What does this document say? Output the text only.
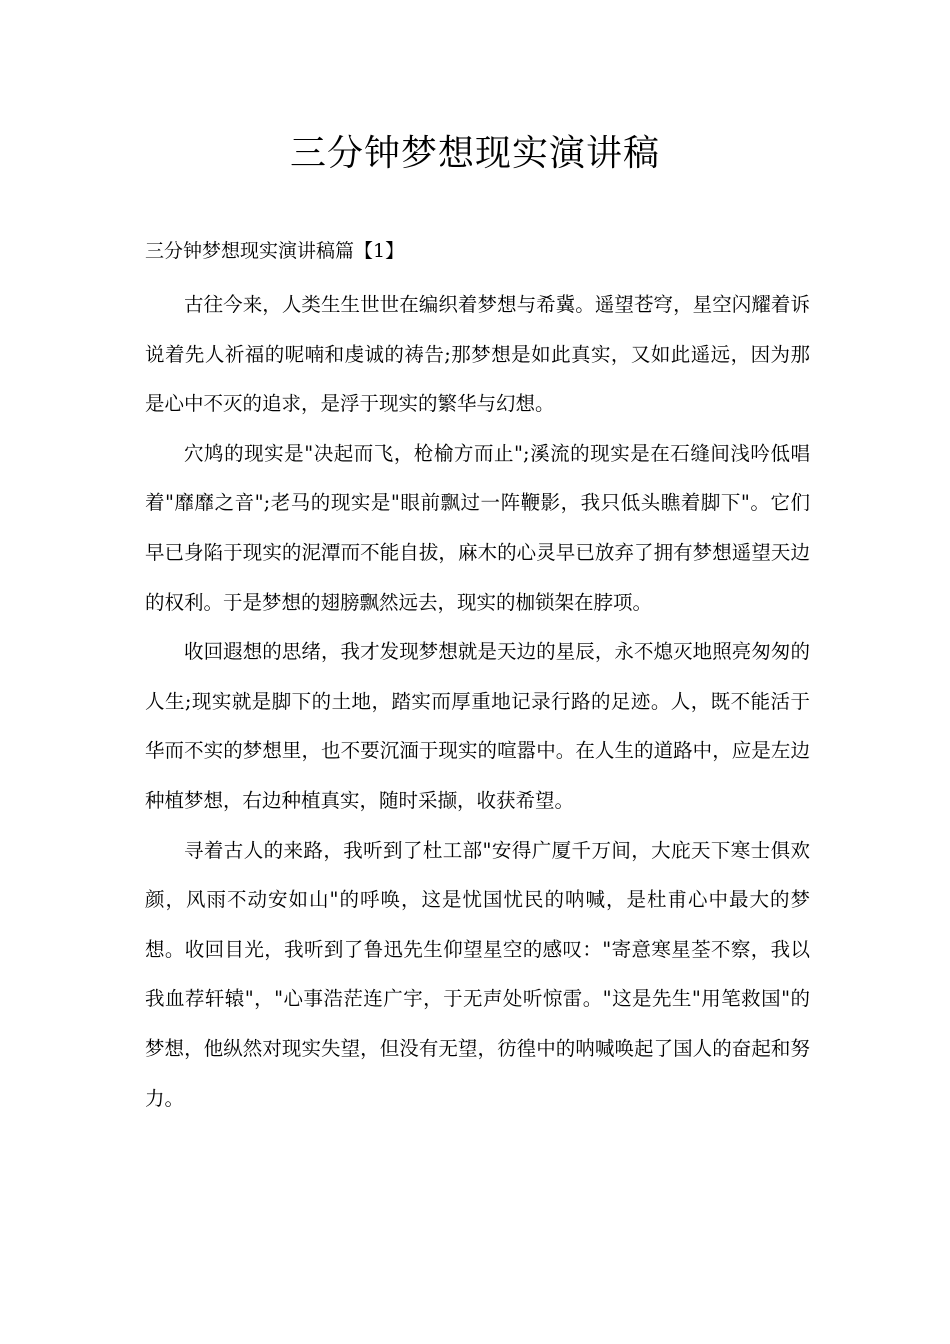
三分钟梦想现实演讲稿
三分钟梦想现实演讲稿篇【1】

古往今来，人类生生世世在编织着梦想与希冀。遥望苍穹，星空闪耀着诉说着先人祈福的呢喃和虔诚的祷告;那梦想是如此真实，又如此遥远，因为那是心中不灭的追求，是浮于现实的繁华与幻想。

穴鸠的现实是"决起而飞，枪榆方而止";溪流的现实是在石缝间浅吟低唱着"靡靡之音";老马的现实是"眼前飘过一阵鞭影，我只低头瞧着脚下"。它们早已身陷于现实的泥潭而不能自拔，麻木的心灵早已放弃了拥有梦想遥望天边的权利。于是梦想的翅膀飘然远去，现实的枷锁架在脖项。

收回遐想的思绪，我才发现梦想就是天边的星辰，永不熄灭地照亮匆匆的人生;现实就是脚下的土地，踏实而厚重地记录行路的足迹。人，既不能活于华而不实的梦想里，也不要沉湎于现实的喧嚣中。在人生的道路中，应是左边种植梦想，右边种植真实，随时采撷，收获希望。

寻着古人的来路，我听到了杜工部"安得广厦千万间，大庇天下寒士俱欢颜，风雨不动安如山"的呼唤，这是忧国忧民的呐喊，是杜甫心中最大的梦想。收回目光，我听到了鲁迅先生仰望星空的感叹："寄意寒星荃不察，我以我血荐轩辕"，"心事浩茫连广宇，于无声处听惊雷。"这是先生"用笔救国"的梦想，他纵然对现实失望，但没有无望，彷徨中的呐喊唤起了国人的奋起和努力。
